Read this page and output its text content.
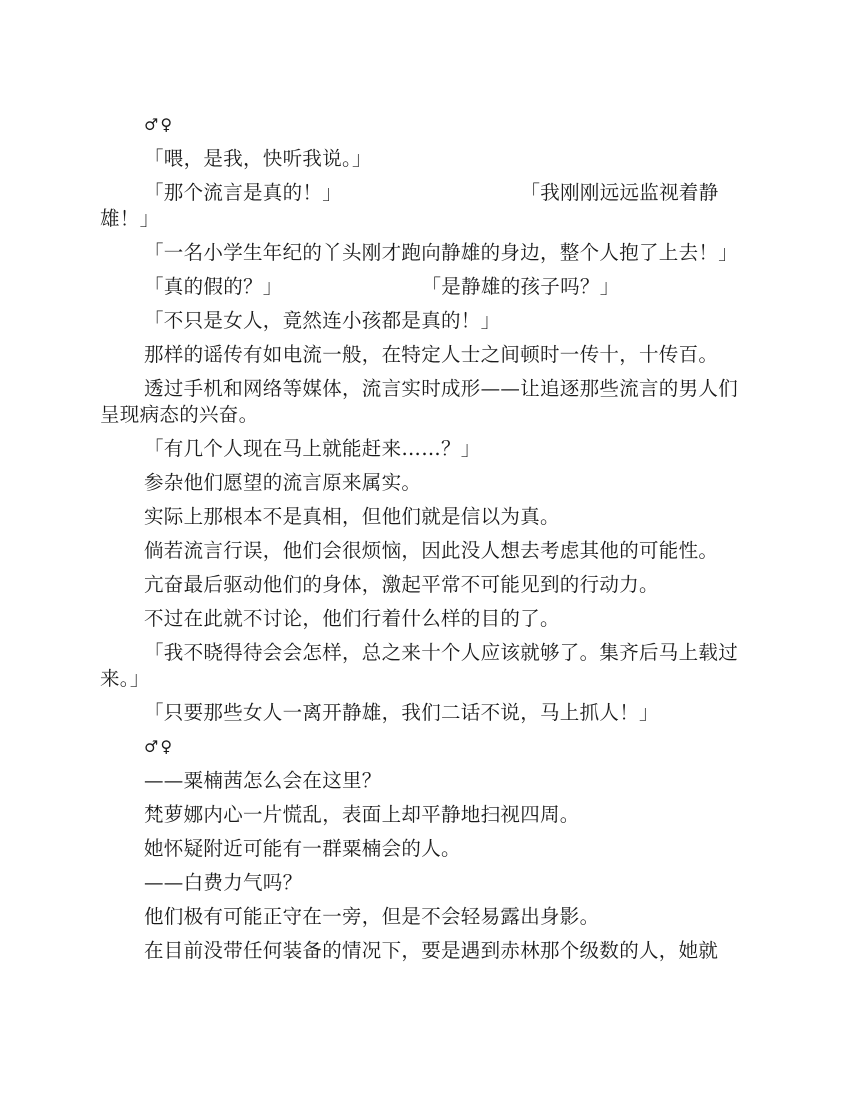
♂♀

「喂，是我，快听我说。」

「那个流言是真的！」　　　　　　　　　　「我刚刚远远监视着静雄！」

「一名小学生年纪的丫头刚才跑向静雄的身边，整个人抱了上去！」

「真的假的？」　　　　　　　　「是静雄的孩子吗？」

「不只是女人，竟然连小孩都是真的！」

那样的谣传有如电流一般，在特定人士之间顿时一传十，十传百。

透过手机和网络等媒体，流言实时成形——让追逐那些流言的男人们呈现病态的兴奋。

「有几个人现在马上就能赶来……？」

参杂他们愿望的流言原来属实。

实际上那根本不是真相，但他们就是信以为真。

倘若流言行误，他们会很烦恼，因此没人想去考虑其他的可能性。

亢奋最后驱动他们的身体，激起平常不可能见到的行动力。

不过在此就不讨论，他们行着什么样的目的了。

「我不晓得待会会怎样，总之来十个人应该就够了。集齐后马上载过来。」

「只要那些女人一离开静雄，我们二话不说，马上抓人！」

♂♀

——粟楠茜怎么会在这里？

梵萝娜内心一片慌乱，表面上却平静地扫视四周。

她怀疑附近可能有一群粟楠会的人。

——白费力气吗？

他们极有可能正守在一旁，但是不会轻易露出身影。

在目前没带任何装备的情况下，要是遇到赤林那个级数的人，她就
